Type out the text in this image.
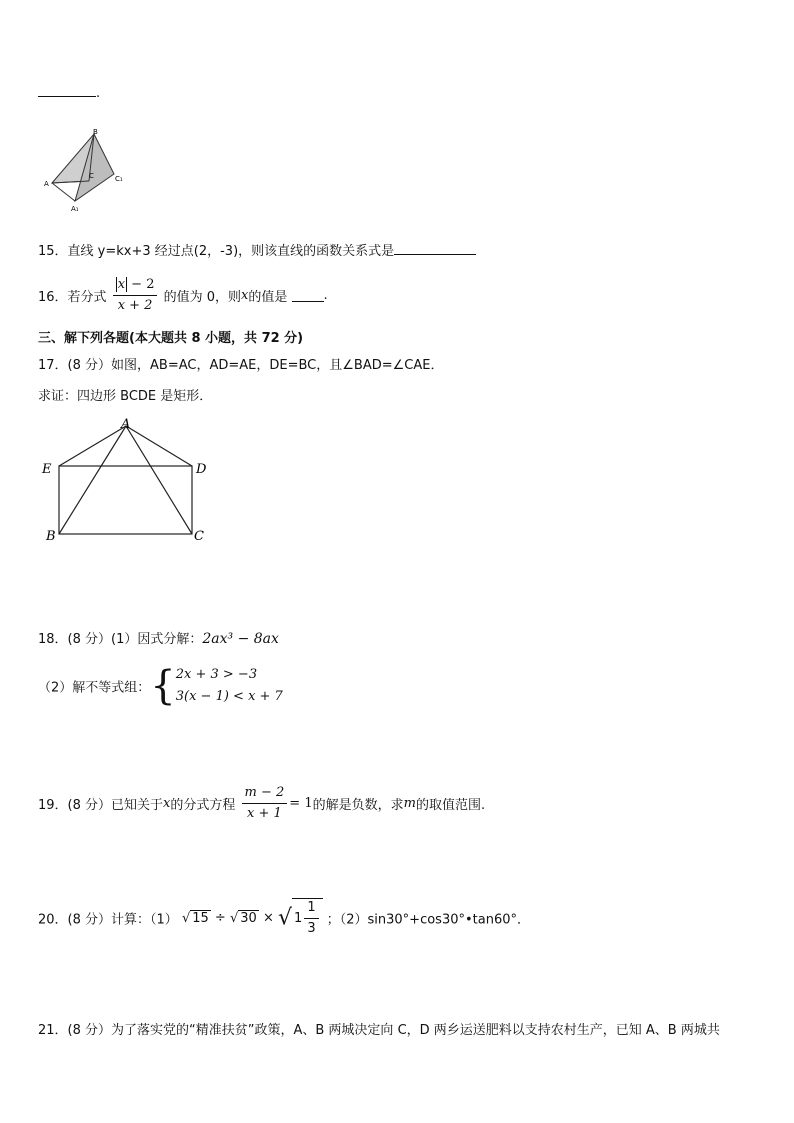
.
B
C	C₁
A
A₁
15．直线 y=kx+3 经过点(2，-3)，则该直线的函数关系式是
16．若分式 $\frac{x - 2}{x + 2}$ 的值为 0，则x的值是	.
三、解下列各题(本大题共 8 小题，共 72 分)
17．(8 分）如图，AB=AC，AD=AE，DE=BC，且∠BAD=∠CAE．
求证：四边形 BCDE 是矩形．
A
E	D
B	C
18．(8 分）(1）因式分解：2ax³ − 8ax
（2）解不等式组：{ 2x + 3 > −3
3(x − 1) < x + 7
19．(8 分）已知关于x的分式方程 $\frac{m - 2}{x + 1} = 1$的解是负数，求m的取值范围.
20．(8 分）计算：（1） √ 15 ÷ √ 30 × √ $1 \frac{1}{3}$ ；（2）sin30°+cos30°•tan60°．
21．(8 分）为了落实党的“精准扶贫”政策，A、B 两城决定向 C，D 两乡运送肥料以支持农村生产，已知 A、B 两城共
